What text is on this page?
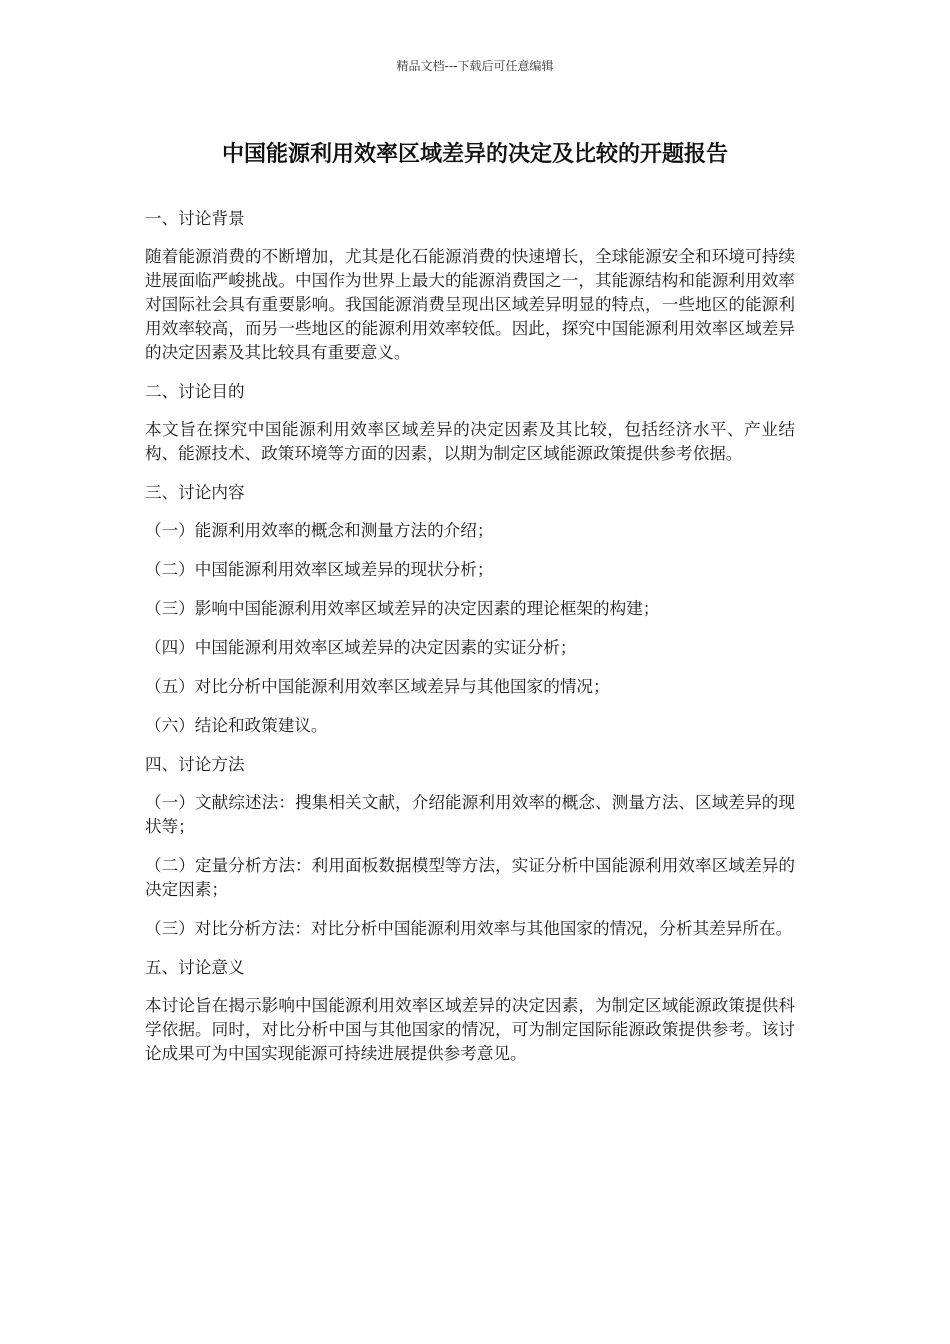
精品文档---下载后可任意编辑
中国能源利用效率区域差异的决定及比较的开题报告

一、讨论背景

随着能源消费的不断增加，尤其是化石能源消费的快速增长，全球能源安全和环境可持续进展面临严峻挑战。中国作为世界上最大的能源消费国之一，其能源结构和能源利用效率对国际社会具有重要影响。我国能源消费呈现出区域差异明显的特点，一些地区的能源利用效率较高，而另一些地区的能源利用效率较低。因此，探究中国能源利用效率区域差异的决定因素及其比较具有重要意义。

二、讨论目的

本文旨在探究中国能源利用效率区域差异的决定因素及其比较，包括经济水平、产业结构、能源技术、政策环境等方面的因素，以期为制定区域能源政策提供参考依据。

三、讨论内容

（一）能源利用效率的概念和测量方法的介绍；

（二）中国能源利用效率区域差异的现状分析；

（三）影响中国能源利用效率区域差异的决定因素的理论框架的构建；

（四）中国能源利用效率区域差异的决定因素的实证分析；

（五）对比分析中国能源利用效率区域差异与其他国家的情况；

（六）结论和政策建议。

四、讨论方法

（一）文献综述法：搜集相关文献，介绍能源利用效率的概念、测量方法、区域差异的现状等；

（二）定量分析方法：利用面板数据模型等方法，实证分析中国能源利用效率区域差异的决定因素；

（三）对比分析方法：对比分析中国能源利用效率与其他国家的情况，分析其差异所在。

五、讨论意义

本讨论旨在揭示影响中国能源利用效率区域差异的决定因素，为制定区域能源政策提供科学依据。同时，对比分析中国与其他国家的情况，可为制定国际能源政策提供参考。该讨论成果可为中国实现能源可持续进展提供参考意见。
